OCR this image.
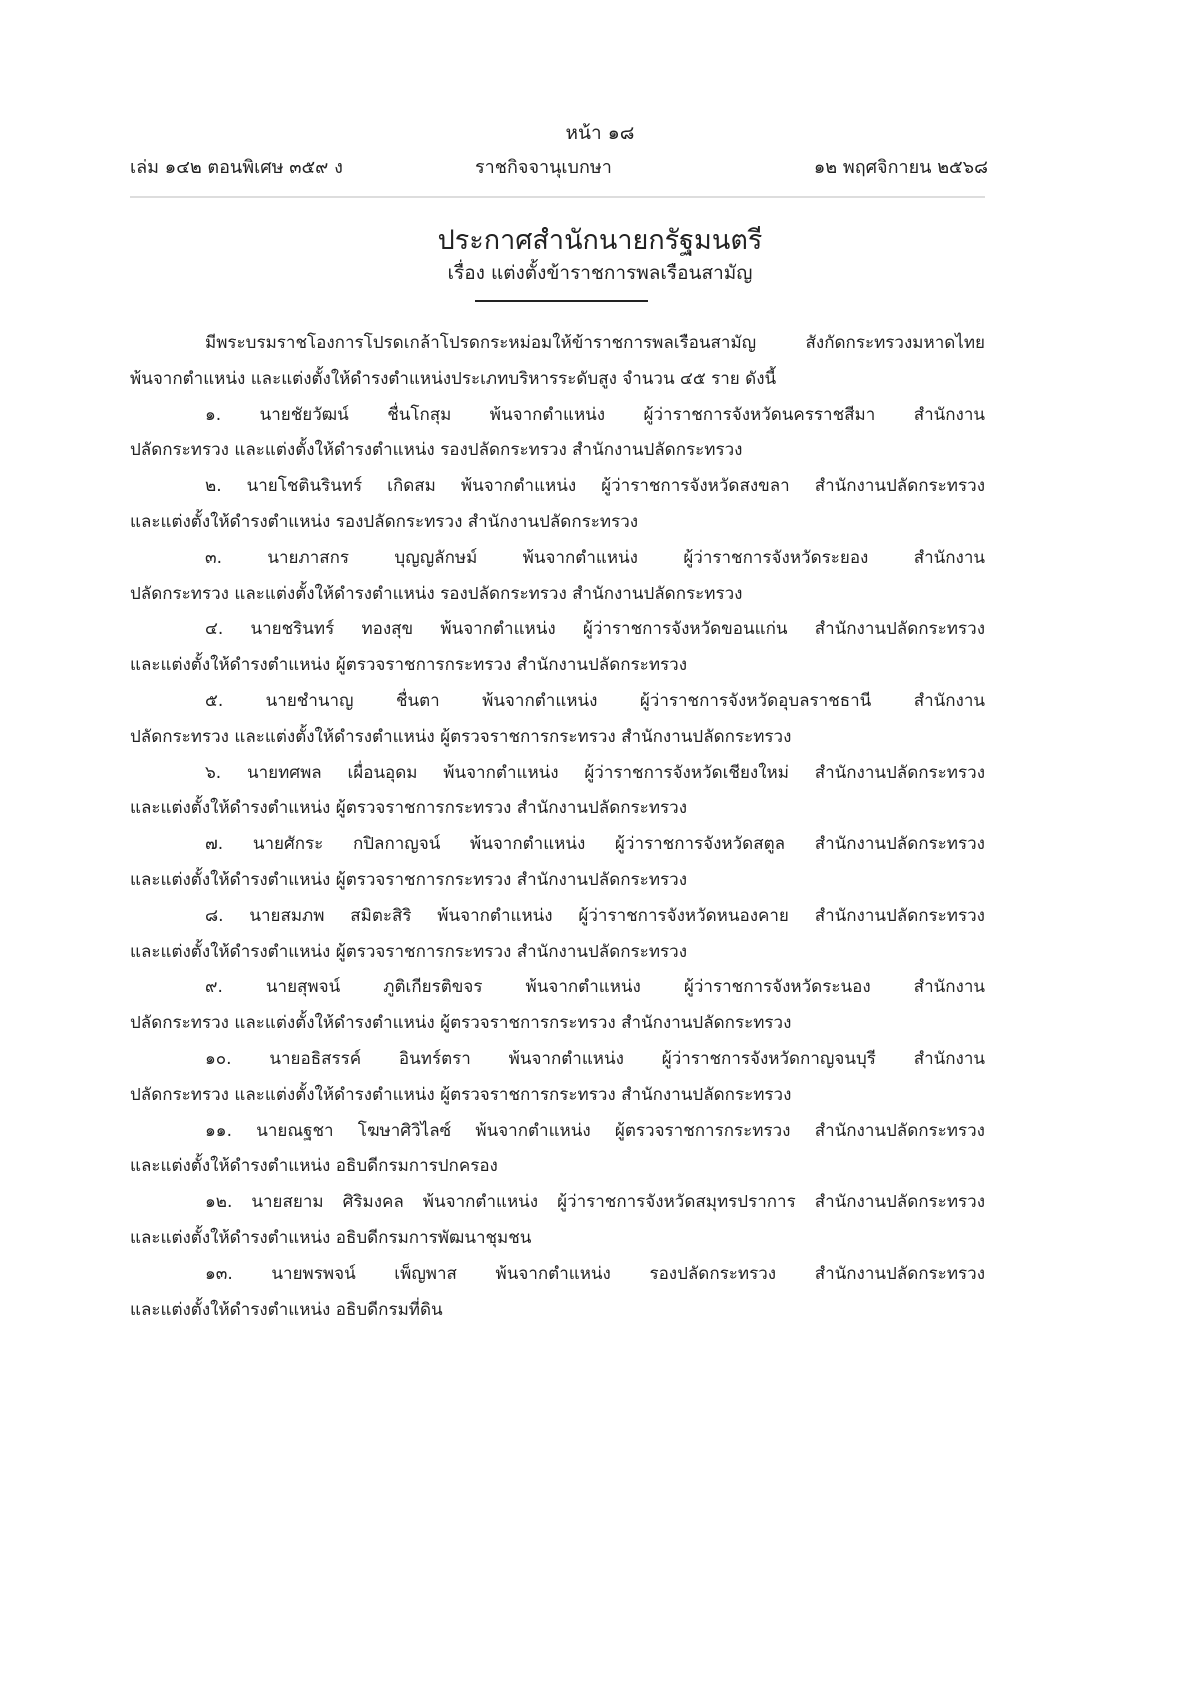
หน้า ๑๘
เล่ม ๑๔๒ ตอนพิเศษ ๓๕๙ ง	ราชกิจจานุเบกษา	๑๒ พฤศจิกายน ๒๕๖๘
ประกาศสำนักนายกรัฐมนตรี
เรื่อง แต่งตั้งข้าราชการพลเรือนสามัญ
มีพระบรมราชโองการโปรดเกล้าโปรดกระหม่อมให้ข้าราชการพลเรือนสามัญ สังกัดกระทรวงมหาดไทย
พ้นจากตำแหน่ง และแต่งตั้งให้ดำรงตำแหน่งประเภทบริหารระดับสูง จำนวน ๔๕ ราย ดังนี้
๑. นายชัยวัฒน์ ชื่นโกสุม พ้นจากตำแหน่ง ผู้ว่าราชการจังหวัดนครราชสีมา สำนักงาน
ปลัดกระทรวง และแต่งตั้งให้ดำรงตำแหน่ง รองปลัดกระทรวง สำนักงานปลัดกระทรวง
๒. นายโชตินรินทร์ เกิดสม พ้นจากตำแหน่ง ผู้ว่าราชการจังหวัดสงขลา สำนักงานปลัดกระทรวง
และแต่งตั้งให้ดำรงตำแหน่ง รองปลัดกระทรวง สำนักงานปลัดกระทรวง
๓. นายภาสกร บุญญลักษม์ พ้นจากตำแหน่ง ผู้ว่าราชการจังหวัดระยอง สำนักงาน
ปลัดกระทรวง และแต่งตั้งให้ดำรงตำแหน่ง รองปลัดกระทรวง สำนักงานปลัดกระทรวง
๔. นายชรินทร์ ทองสุข พ้นจากตำแหน่ง ผู้ว่าราชการจังหวัดขอนแก่น สำนักงานปลัดกระทรวง
และแต่งตั้งให้ดำรงตำแหน่ง ผู้ตรวจราชการกระทรวง สำนักงานปลัดกระทรวง
๕. นายชำนาญ ชื่นตา พ้นจากตำแหน่ง ผู้ว่าราชการจังหวัดอุบลราชธานี สำนักงาน
ปลัดกระทรวง และแต่งตั้งให้ดำรงตำแหน่ง ผู้ตรวจราชการกระทรวง สำนักงานปลัดกระทรวง
๖. นายทศพล เผื่อนอุดม พ้นจากตำแหน่ง ผู้ว่าราชการจังหวัดเชียงใหม่ สำนักงานปลัดกระทรวง
และแต่งตั้งให้ดำรงตำแหน่ง ผู้ตรวจราชการกระทรวง สำนักงานปลัดกระทรวง
๗. นายศักระ กปิลกาญจน์ พ้นจากตำแหน่ง ผู้ว่าราชการจังหวัดสตูล สำนักงานปลัดกระทรวง
และแต่งตั้งให้ดำรงตำแหน่ง ผู้ตรวจราชการกระทรวง สำนักงานปลัดกระทรวง
๘. นายสมภพ สมิตะสิริ พ้นจากตำแหน่ง ผู้ว่าราชการจังหวัดหนองคาย สำนักงานปลัดกระทรวง
และแต่งตั้งให้ดำรงตำแหน่ง ผู้ตรวจราชการกระทรวง สำนักงานปลัดกระทรวง
๙. นายสุพจน์ ภูติเกียรติขจร พ้นจากตำแหน่ง ผู้ว่าราชการจังหวัดระนอง สำนักงาน
ปลัดกระทรวง และแต่งตั้งให้ดำรงตำแหน่ง ผู้ตรวจราชการกระทรวง สำนักงานปลัดกระทรวง
๑๐. นายอธิสรรค์ อินทร์ตรา พ้นจากตำแหน่ง ผู้ว่าราชการจังหวัดกาญจนบุรี สำนักงาน
ปลัดกระทรวง และแต่งตั้งให้ดำรงตำแหน่ง ผู้ตรวจราชการกระทรวง สำนักงานปลัดกระทรวง
๑๑. นายณฐชา โฆษาศิวิไลซ์ พ้นจากตำแหน่ง ผู้ตรวจราชการกระทรวง สำนักงานปลัดกระทรวง
และแต่งตั้งให้ดำรงตำแหน่ง อธิบดีกรมการปกครอง
๑๒. นายสยาม ศิริมงคล พ้นจากตำแหน่ง ผู้ว่าราชการจังหวัดสมุทรปราการ สำนักงานปลัดกระทรวง
และแต่งตั้งให้ดำรงตำแหน่ง อธิบดีกรมการพัฒนาชุมชน
๑๓. นายพรพจน์ เพ็ญพาส พ้นจากตำแหน่ง รองปลัดกระทรวง สำนักงานปลัดกระทรวง
และแต่งตั้งให้ดำรงตำแหน่ง อธิบดีกรมที่ดิน
